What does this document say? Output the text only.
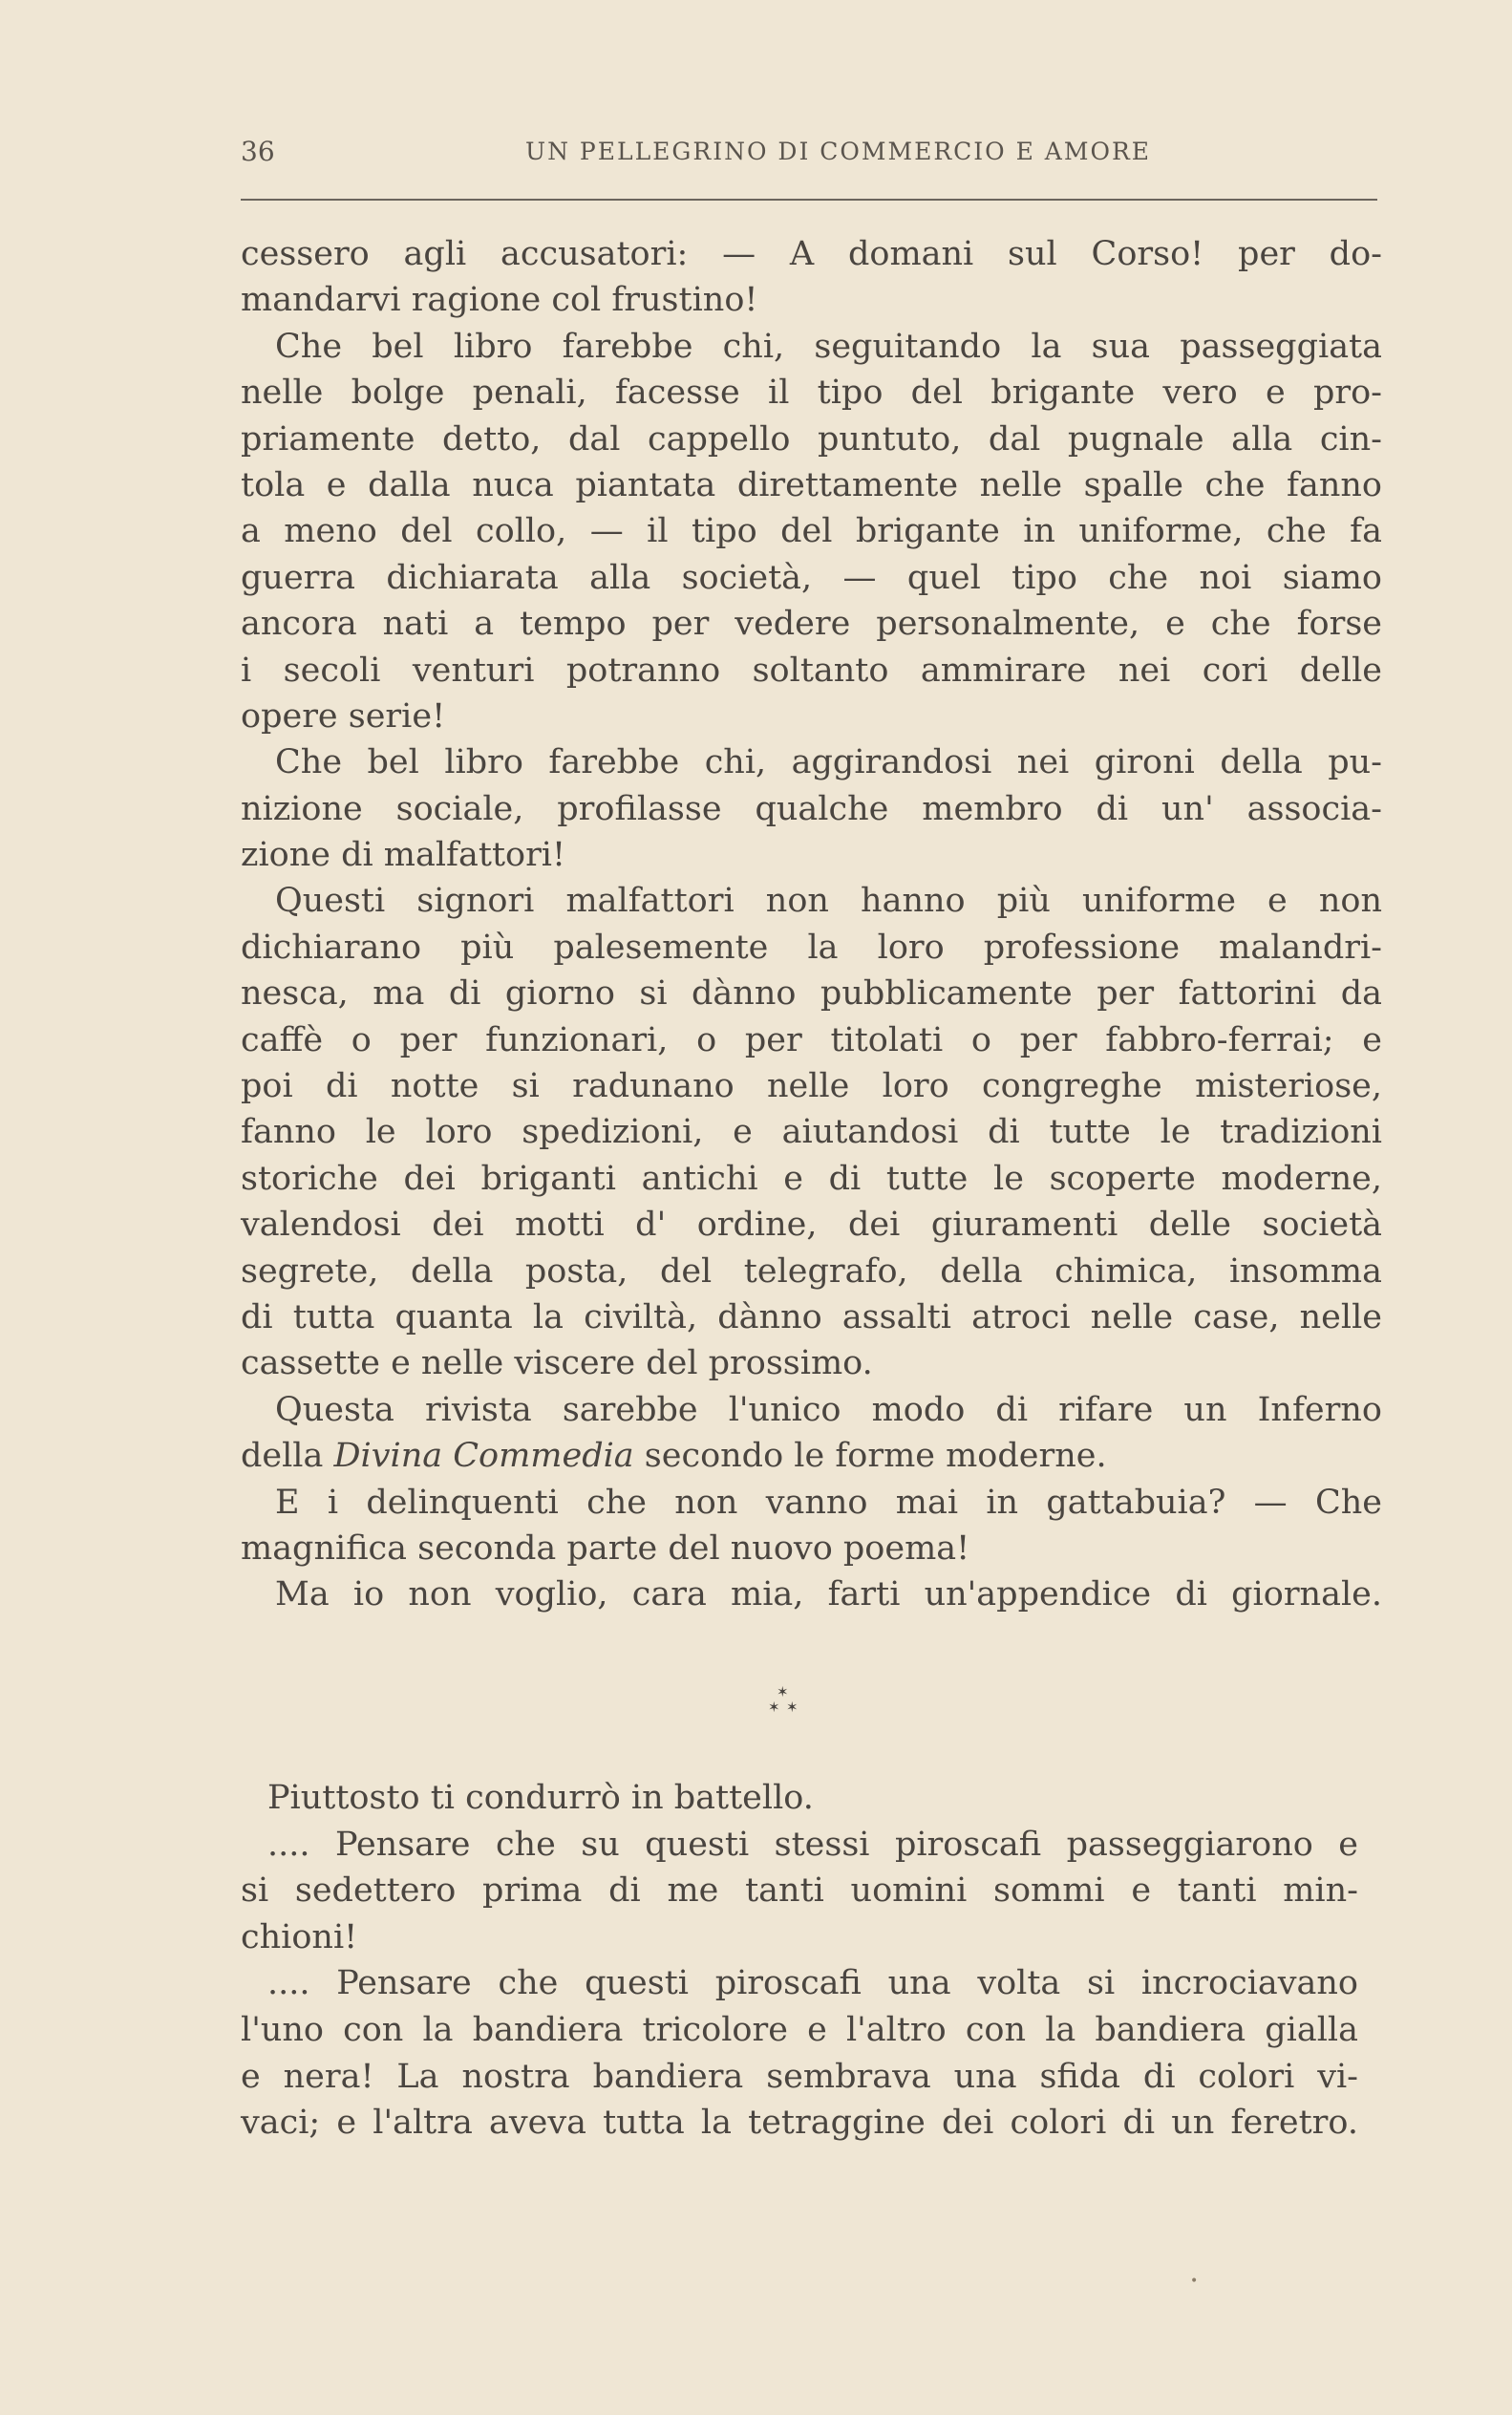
36	UN PELLEGRINO DI COMMERCIO E AMORE
cessero agli accusatori: — A domani sul Corso! per do-
mandarvi ragione col frustino!
Che bel libro farebbe chi, seguitando la sua passeggiata
nelle bolge penali, facesse il tipo del brigante vero e pro-
priamente detto, dal cappello puntuto, dal pugnale alla cin-
tola e dalla nuca piantata direttamente nelle spalle che fanno
a meno del collo, — il tipo del brigante in uniforme, che fa
guerra dichiarata alla società, — quel tipo che noi siamo
ancora nati a tempo per vedere personalmente, e che forse
i secoli venturi potranno soltanto ammirare nei cori delle
opere serie!
Che bel libro farebbe chi, aggirandosi nei gironi della pu-
nizione sociale, profilasse qualche membro di un' associa-
zione di malfattori!
Questi signori malfattori non hanno più uniforme e non
dichiarano più palesemente la loro professione malandri-
nesca, ma di giorno si dànno pubblicamente per fattorini da
caffè o per funzionari, o per titolati o per fabbro-ferrai; e
poi di notte si radunano nelle loro congreghe misteriose,
fanno le loro spedizioni, e aiutandosi di tutte le tradizioni
storiche dei briganti antichi e di tutte le scoperte moderne,
valendosi dei motti d' ordine, dei giuramenti delle società
segrete, della posta, del telegrafo, della chimica, insomma
di tutta quanta la civiltà, dànno assalti atroci nelle case, nelle
cassette e nelle viscere del prossimo.
Questa rivista sarebbe l'unico modo di rifare un Inferno
della Divina Commedia secondo le forme moderne.
E i delinquenti che non vanno mai in gattabuia? — Che
magnifica seconda parte del nuovo poema!
Ma io non voglio, cara mia, farti un'appendice di giornale.
✶
✶ ✶
Piuttosto ti condurrò in battello.
.... Pensare che su questi stessi piroscafi passeggiarono e
si sedettero prima di me tanti uomini sommi e tanti min-
chioni!
.... Pensare che questi piroscafi una volta si incrociavano
l'uno con la bandiera tricolore e l'altro con la bandiera gialla
e nera! La nostra bandiera sembrava una sfida di colori vi-
vaci; e l'altra aveva tutta la tetraggine dei colori di un feretro.
•
